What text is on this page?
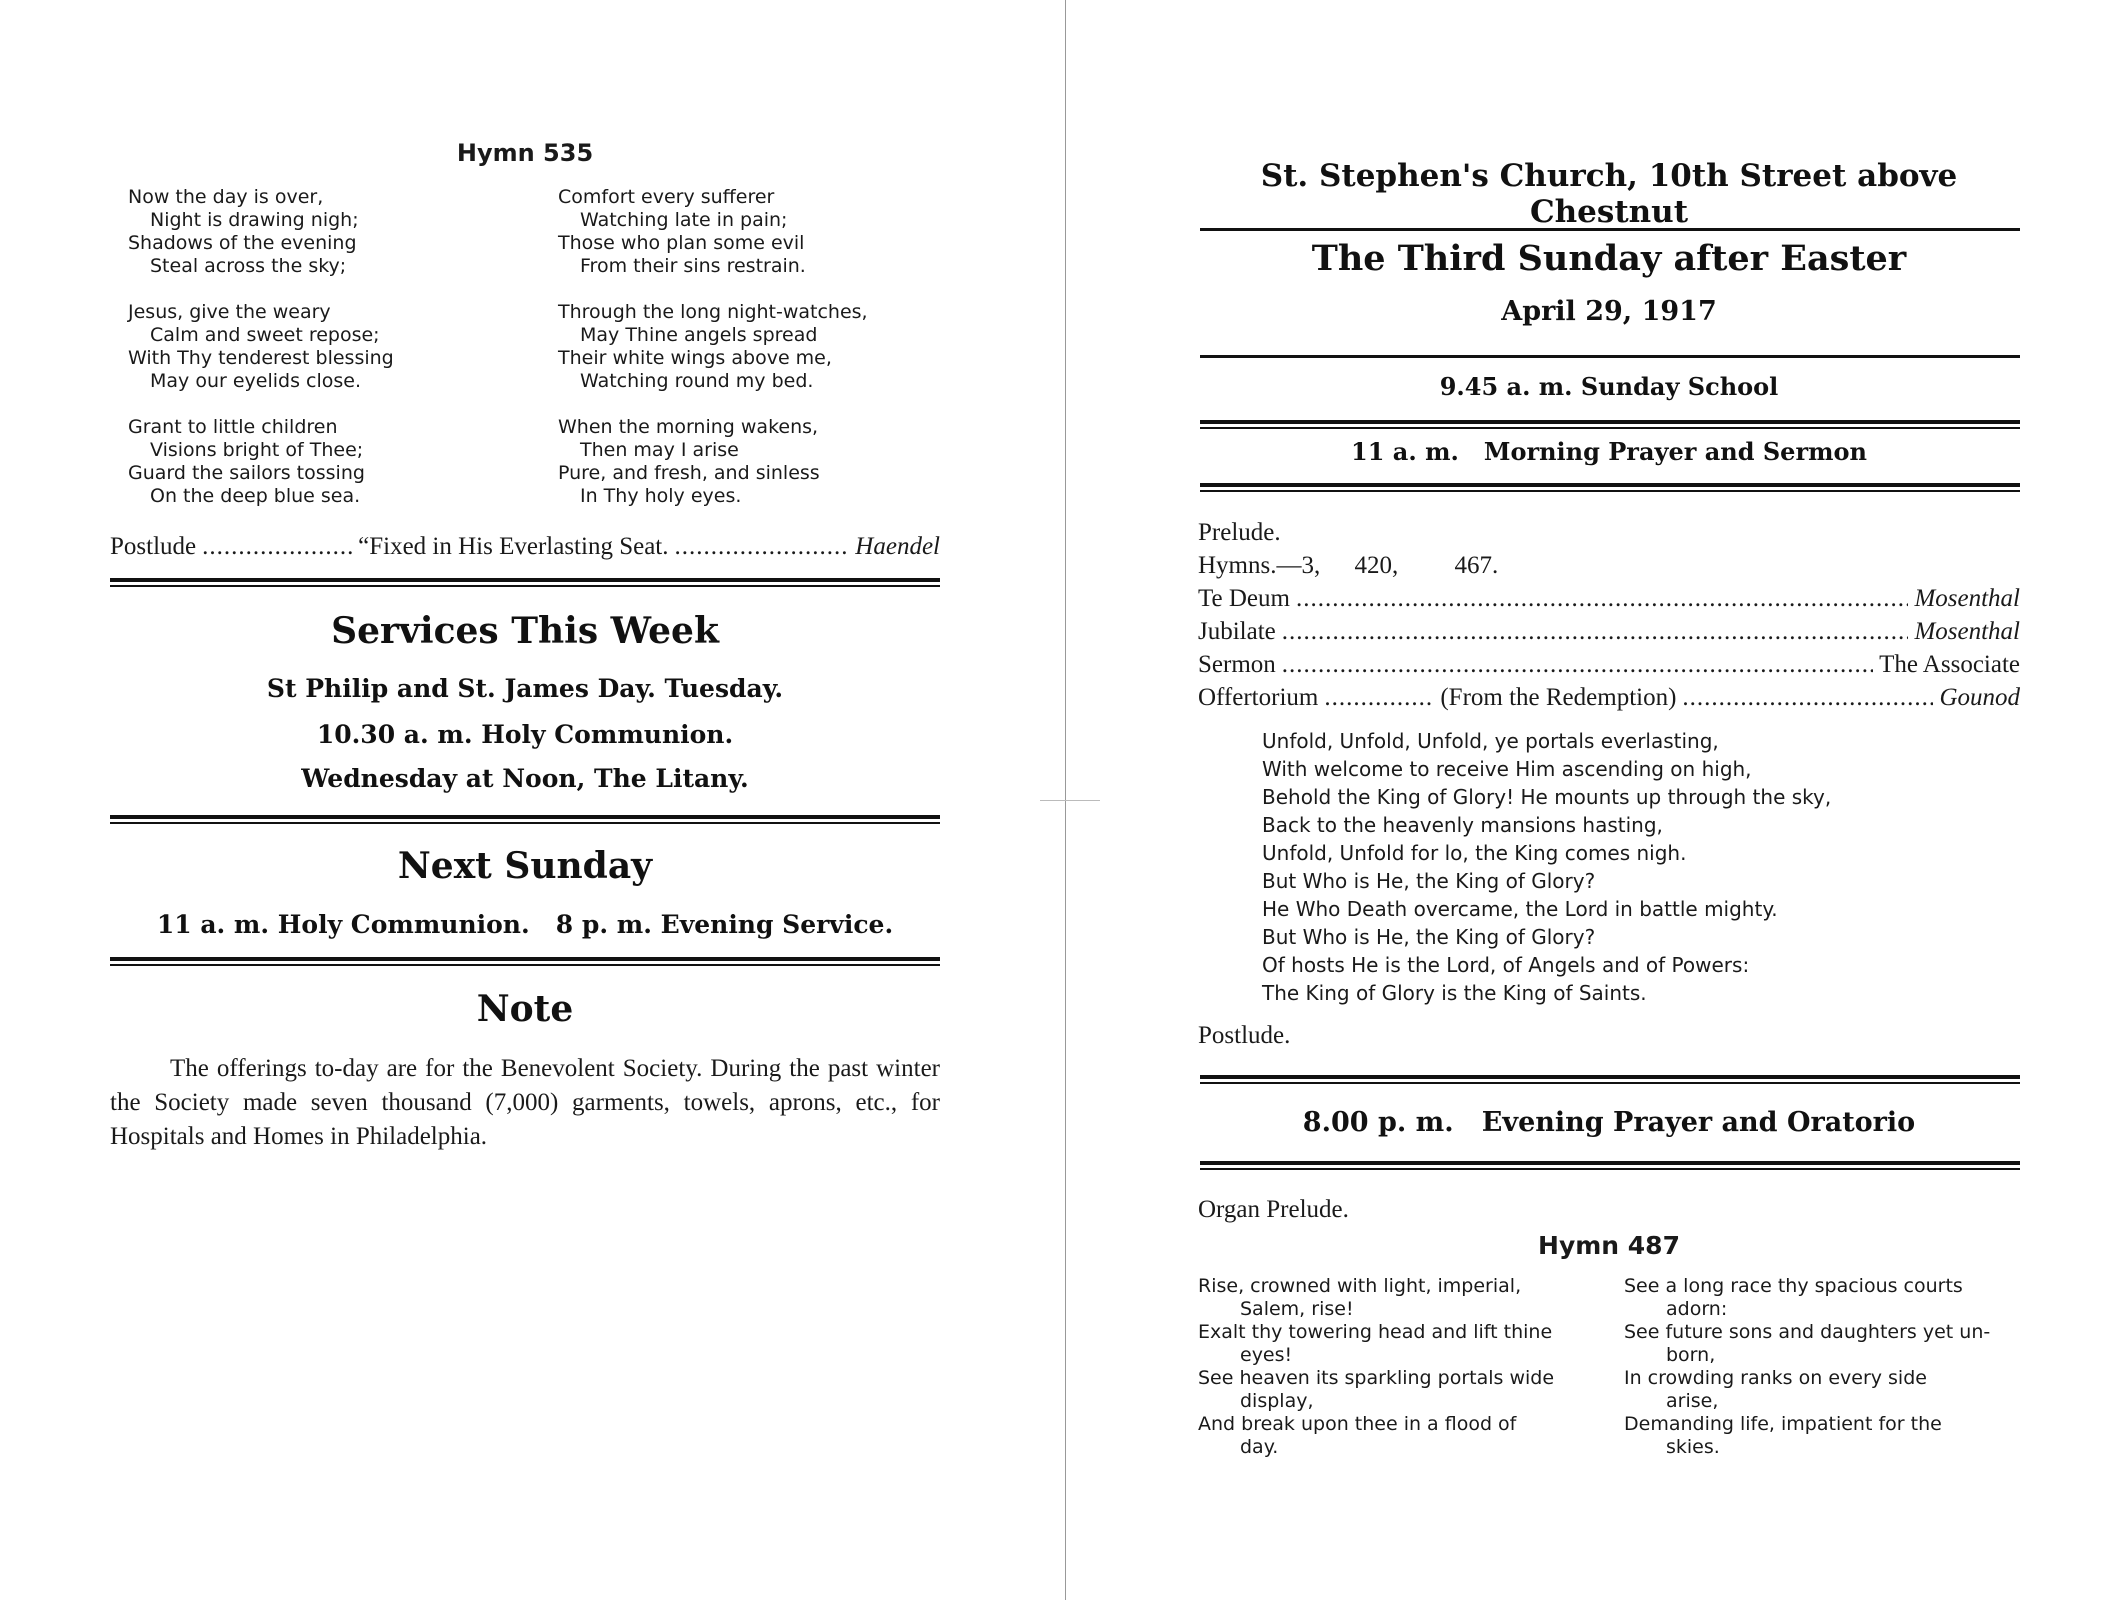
Hymn 535
Now the day is over,
Night is drawing nigh;
Shadows of the evening
Steal across the sky;
Jesus, give the weary
Calm and sweet repose;
With Thy tenderest blessing
May our eyelids close.
Grant to little children
Visions bright of Thee;
Guard the sailors tossing
On the deep blue sea.
Comfort every sufferer
Watching late in pain;
Those who plan some evil
From their sins restrain.
Through the long night-watches,
May Thine angels spread
Their white wings above me,
Watching round my bed.
When the morning wakens,
Then may I arise
Pure, and fresh, and sinless
In Thy holy eyes.
Postlude .....	“Fixed in His Everlasting Seat. .....	Haendel
Services This Week
St Philip and St. James Day. Tuesday.
10.30 a. m. Holy Communion.
Wednesday at Noon, The Litany.
Next Sunday
11 a. m. Holy Communion.   8 p. m. Evening Service.
Note
The offerings to-day are for the Benevolent Society. During the past winter the Society made seven thousand (7,000) garments, towels, aprons, etc., for Hospitals and Homes in Philadelphia.
St. Stephen's Church, 10th Street above Chestnut
The Third Sunday after Easter
April 29, 1917
9.45 a. m. Sunday School
11 a. m.   Morning Prayer and Sermon
Prelude.
Hymns.—3, 420, 467.
Te Deum .....	Mosenthal
Jubilate .....	Mosenthal
Sermon .....	The Associate
Offertorium .....	(From the Redemption) .....	Gounod
Unfold, Unfold, Unfold, ye portals everlasting,
With welcome to receive Him ascending on high,
Behold the King of Glory! He mounts up through the sky,
Back to the heavenly mansions hasting,
Unfold, Unfold for lo, the King comes nigh.
But Who is He, the King of Glory?
He Who Death overcame, the Lord in battle mighty.
But Who is He, the King of Glory?
Of hosts He is the Lord, of Angels and of Powers:
The King of Glory is the King of Saints.
Postlude.
8.00 p. m.   Evening Prayer and Oratorio
Organ Prelude.
Hymn 487
Rise, crowned with light, imperial,
Salem, rise!
Exalt thy towering head and lift thine
eyes!
See heaven its sparkling portals wide
display,
And break upon thee in a flood of
day.
See a long race thy spacious courts
adorn:
See future sons and daughters yet un-
born,
In crowding ranks on every side
arise,
Demanding life, impatient for the
skies.
